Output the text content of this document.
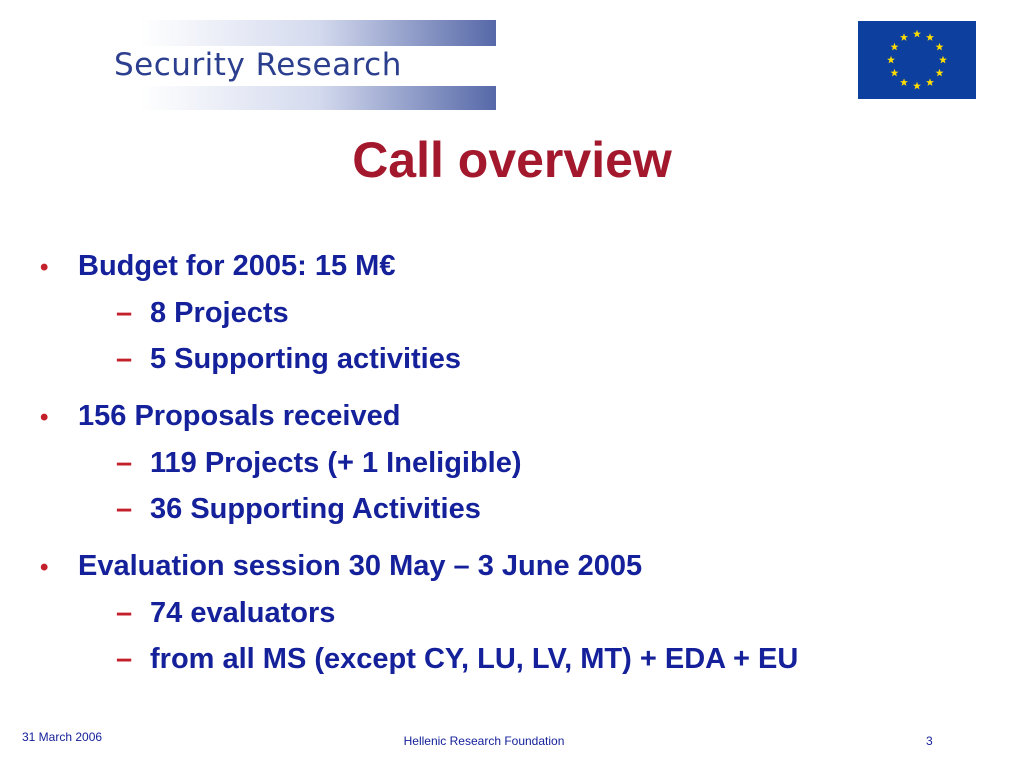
Security Research
Call overview
•	Budget for 2005: 15 M€
– 8 Projects
– 5 Supporting activities
•	156 Proposals received
– 119 Projects (+ 1 Ineligible)
– 36 Supporting Activities
•	Evaluation session 30 May – 3 June 2005
– 74 evaluators
– from all MS (except CY, LU, LV, MT) + EDA + EU
31 March 2006	Hellenic Research Foundation	3
